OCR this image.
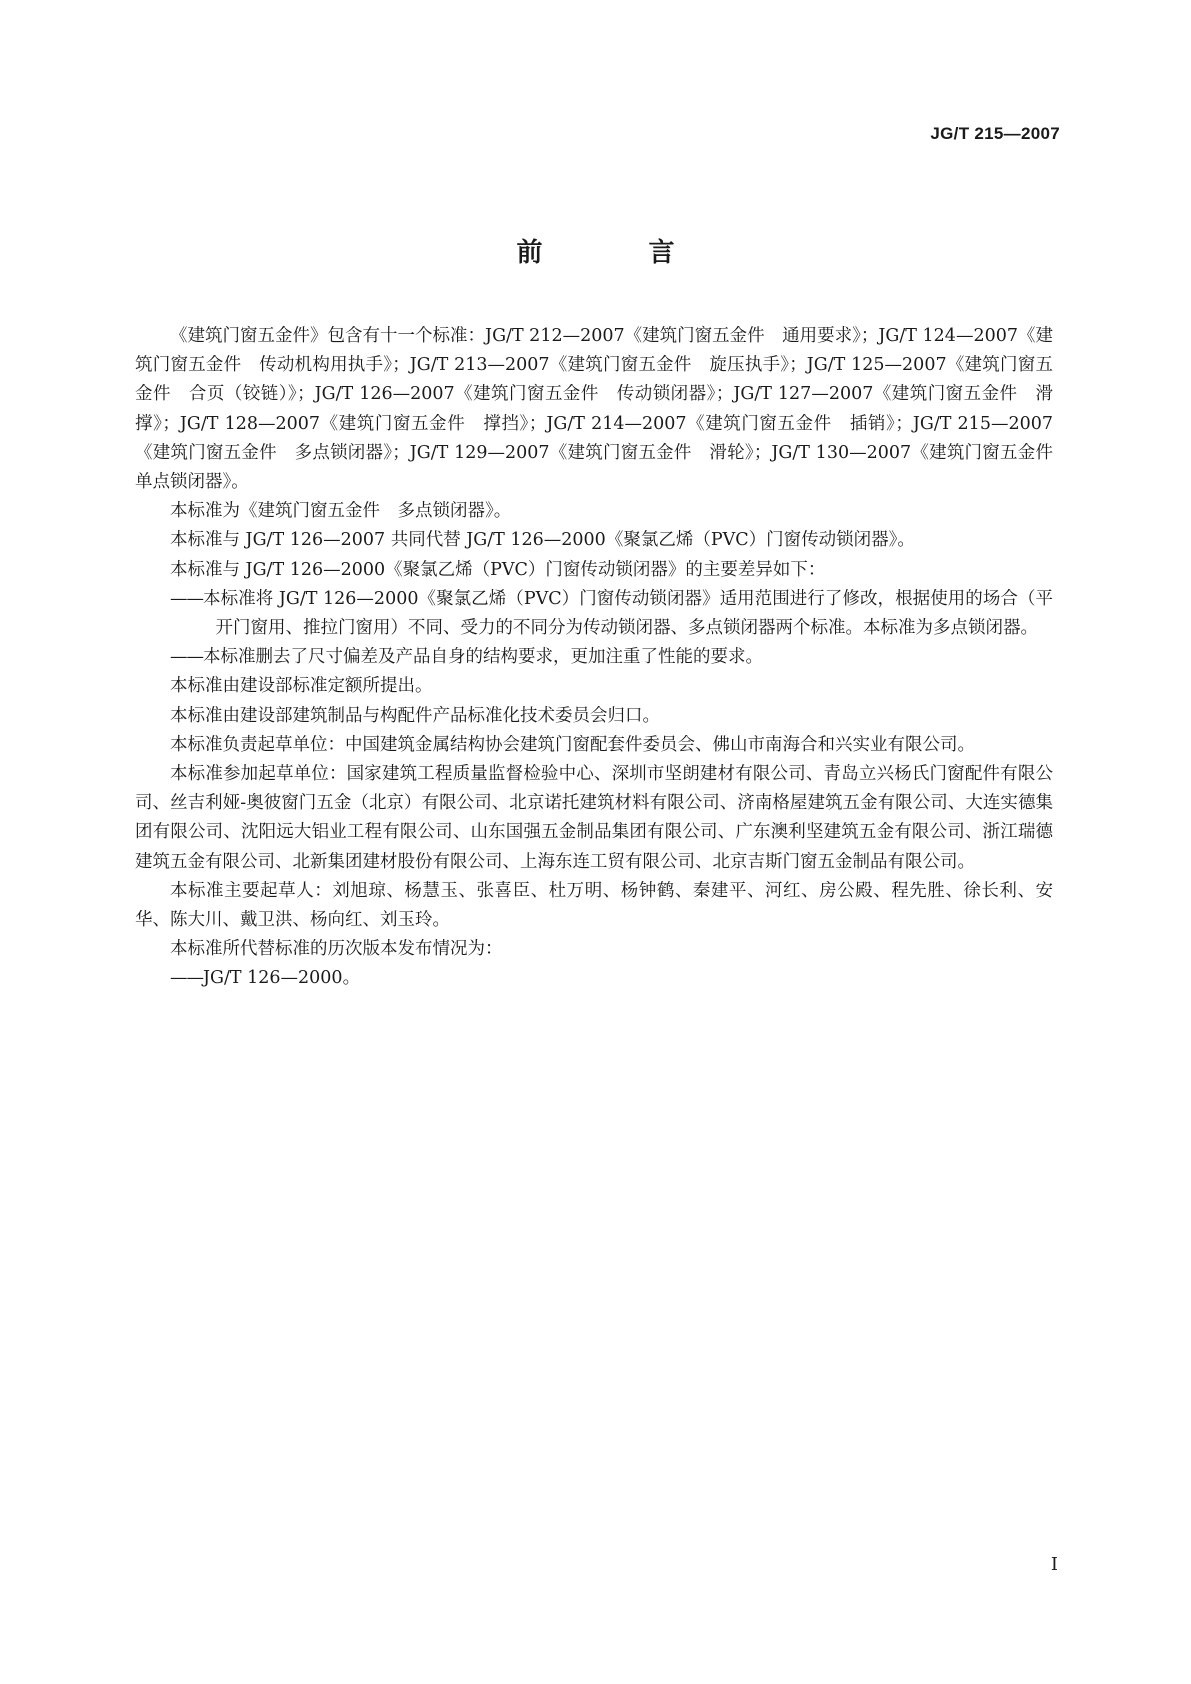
JG/T 215—2007
前　言

《建筑门窗五金件》包含有十一个标准：JG/T 212—2007《建筑门窗五金件　通用要求》；JG/T 124—2007《建筑门窗五金件　传动机构用执手》；JG/T 213—2007《建筑门窗五金件　旋压执手》；JG/T 125—2007《建筑门窗五金件　合页（铰链）》；JG/T 126—2007《建筑门窗五金件　传动锁闭器》；JG/T 127—2007《建筑门窗五金件　滑撑》；JG/T 128—2007《建筑门窗五金件　撑挡》；JG/T 214—2007《建筑门窗五金件　插销》；JG/T 215—2007《建筑门窗五金件　多点锁闭器》；JG/T 129—2007《建筑门窗五金件　滑轮》；JG/T 130—2007《建筑门窗五金件　单点锁闭器》。

本标准为《建筑门窗五金件　多点锁闭器》。

本标准与 JG/T 126—2007 共同代替 JG/T 126—2000《聚氯乙烯（PVC）门窗传动锁闭器》。

本标准与 JG/T 126—2000《聚氯乙烯（PVC）门窗传动锁闭器》的主要差异如下：

——本标准将 JG/T 126—2000《聚氯乙烯（PVC）门窗传动锁闭器》适用范围进行了修改，根据使用的场合（平开门窗用、推拉门窗用）不同、受力的不同分为传动锁闭器、多点锁闭器两个标准。本标准为多点锁闭器。

——本标准删去了尺寸偏差及产品自身的结构要求，更加注重了性能的要求。

本标准由建设部标准定额所提出。

本标准由建设部建筑制品与构配件产品标准化技术委员会归口。

本标准负责起草单位：中国建筑金属结构协会建筑门窗配套件委员会、佛山市南海合和兴实业有限公司。

本标准参加起草单位：国家建筑工程质量监督检验中心、深圳市坚朗建材有限公司、青岛立兴杨氏门窗配件有限公司、丝吉利娅-奥彼窗门五金（北京）有限公司、北京诺托建筑材料有限公司、济南格屋建筑五金有限公司、大连实德集团有限公司、沈阳远大铝业工程有限公司、山东国强五金制品集团有限公司、广东澳利坚建筑五金有限公司、浙江瑞德建筑五金有限公司、北新集团建材股份有限公司、上海东连工贸有限公司、北京吉斯门窗五金制品有限公司。

本标准主要起草人：刘旭琼、杨慧玉、张喜臣、杜万明、杨钟鹤、秦建平、河红、房公殿、程先胜、徐长利、安华、陈大川、戴卫洪、杨向红、刘玉玲。

本标准所代替标准的历次版本发布情况为：

——JG/T 126—2000。

I
